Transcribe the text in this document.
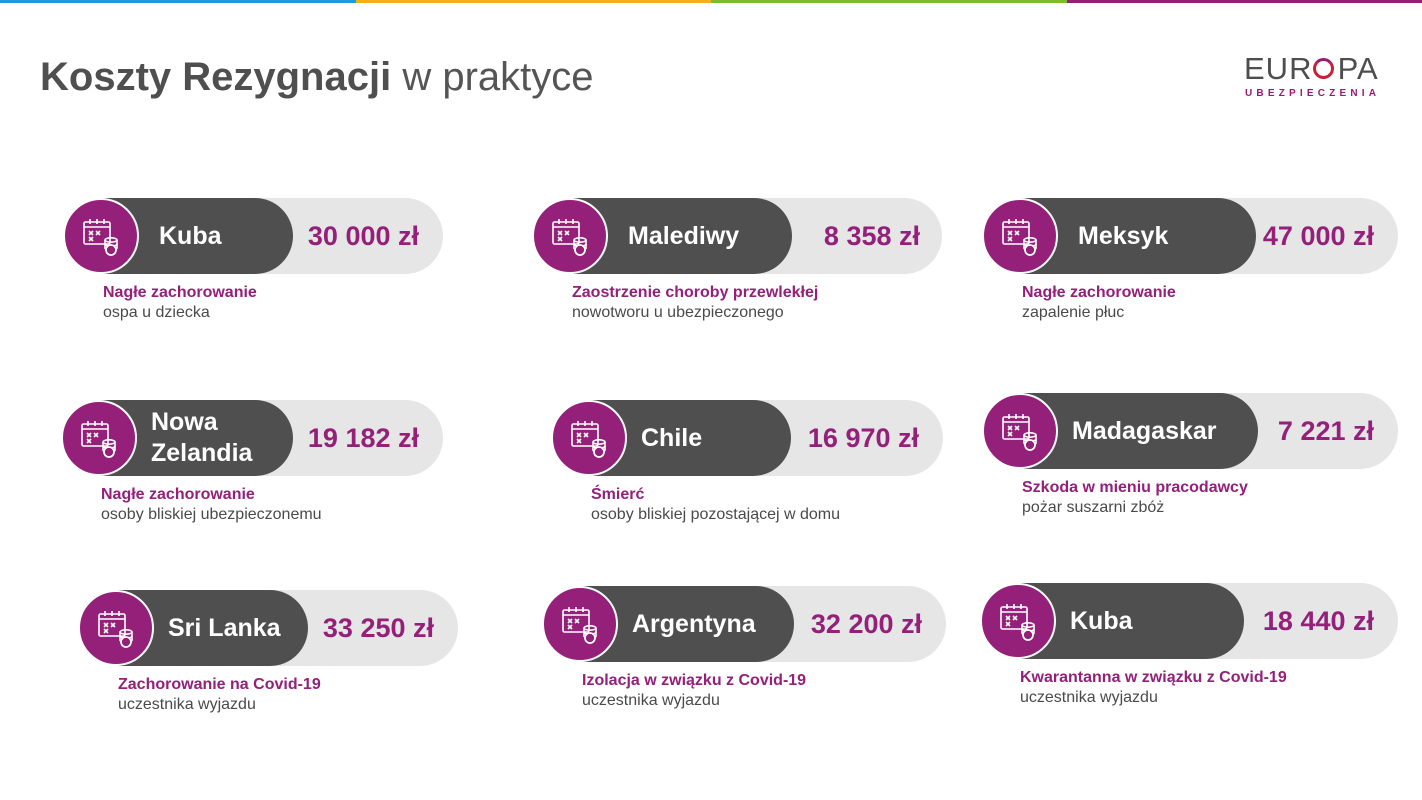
Koszty Rezygnacji w praktyce	EUR PA
UBEZPIECZENIA
Kuba	30 000 zł
Nagłe zachorowanie
ospa u dziecka
Malediwy	8 358 zł
Zaostrzenie choroby przewlekłej
nowotworu u ubezpieczonego
Meksyk	47 000 zł
Nagłe zachorowanie
zapalenie płuc
Nowa Zelandia
19 182 zł
Nagłe zachorowanie
osoby bliskiej ubezpieczonemu
Chile	16 970 zł
Śmierć
osoby bliskiej pozostającej w domu
Madagaskar	7 221 zł
Szkoda w mieniu pracodawcy
pożar suszarni zbóż
Sri Lanka	33 250 zł
Zachorowanie na Covid-19
uczestnika wyjazdu
Argentyna	32 200 zł
Izolacja w związku z Covid-19
uczestnika wyjazdu
Kuba	18 440 zł
Kwarantanna w związku z Covid-19
uczestnika wyjazdu
